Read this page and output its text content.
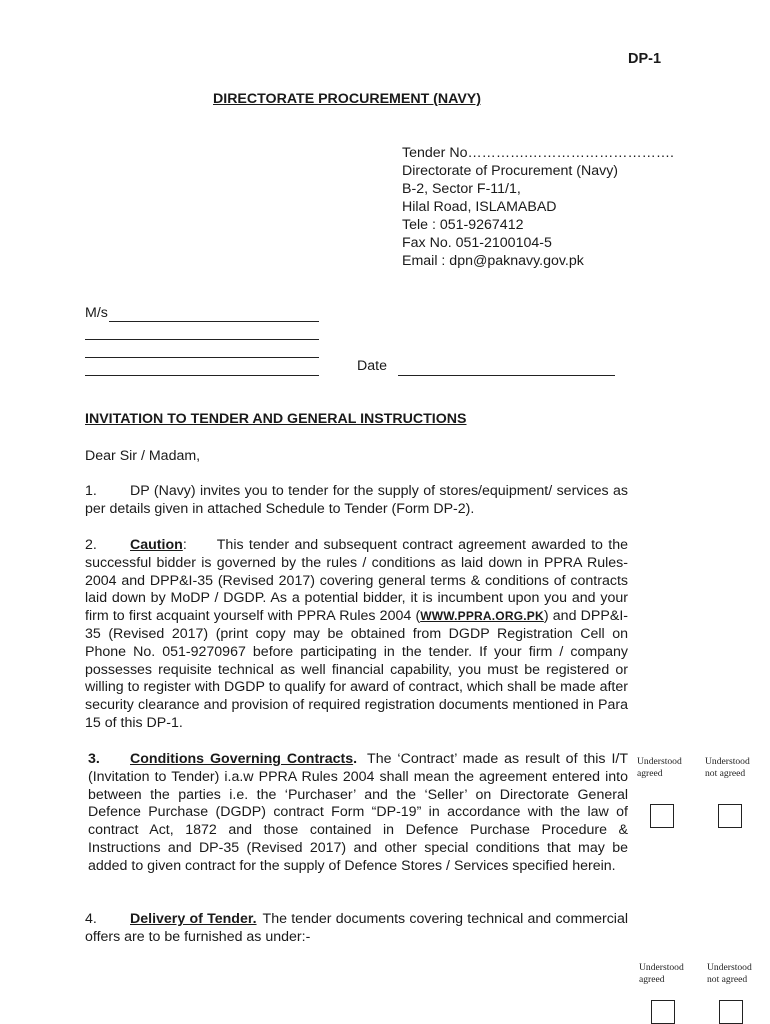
DP-1
DIRECTORATE PROCUREMENT (NAVY)
Tender No………….………………………….
Directorate of Procurement (Navy)
B-2, Sector F-11/1,
Hilal Road, ISLAMABAD
Tele : 051-9267412
Fax No. 051-2100104-5
Email : dpn@paknavy.gov.pk
M/s
Date
INVITATION TO TENDER AND GENERAL INSTRUCTIONS
Dear Sir / Madam,
1. DP (Navy) invites you to tender for the supply of stores/equipment/ services as per details given in attached Schedule to Tender (Form DP-2).
2. Caution: This tender and subsequent contract agreement awarded to the successful bidder is governed by the rules / conditions as laid down in PPRA Rules-2004 and DPP&I-35 (Revised 2017) covering general terms & conditions of contracts laid down by MoDP / DGDP. As a potential bidder, it is incumbent upon you and your firm to first acquaint yourself with PPRA Rules 2004 (WWW.PPRA.ORG.PK) and DPP&I-35 (Revised 2017) (print copy may be obtained from DGDP Registration Cell on Phone No. 051-9270967 before participating in the tender. If your firm / company possesses requisite technical as well financial capability, you must be registered or willing to register with DGDP to qualify for award of contract, which shall be made after security clearance and provision of required registration documents mentioned in Para 15 of this DP-1.
3. Conditions Governing Contracts. The ‘Contract’ made as result of this I/T (Invitation to Tender) i.a.w PPRA Rules 2004 shall mean the agreement entered into between the parties i.e. the ‘Purchaser’ and the ‘Seller’ on Directorate General Defence Purchase (DGDP) contract Form “DP-19” in accordance with the law of contract Act, 1872 and those contained in Defence Purchase Procedure & Instructions and DP-35 (Revised 2017) and other special conditions that may be added to given contract for the supply of Defence Stores / Services specified herein.
Understood agreed
Understood not agreed
4. Delivery of Tender. The tender documents covering technical and commercial offers are to be furnished as under:-
Understood agreed
Understood not agreed
